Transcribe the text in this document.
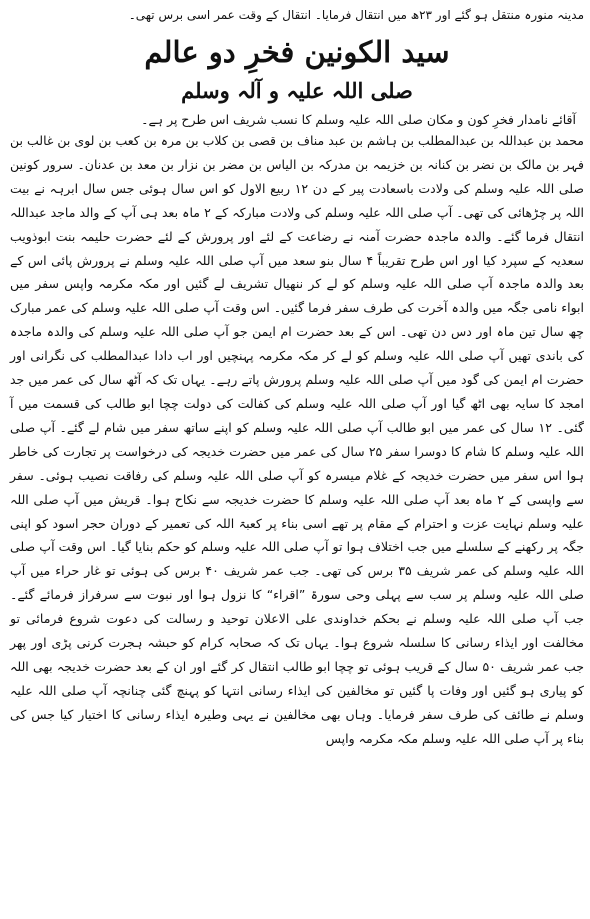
مدینہ منورہ منتقل ہو گئے اور ۲۳ھ میں انتقال فرمایا۔ انتقال کے وقت عمر اسی برس تھی۔

سید الکونین فخرِ دو عالم
صلی اللہ علیہ و آلہ وسلم

آقائے نامدار فخرِ کون و مکان صلی اللہ علیہ وسلم کا نسب شریف اس طرح پر ہے۔

محمد بن عبداللہ بن عبدالمطلب بن ہاشم بن عبد مناف بن قصی بن کلاب بن مرہ بن کعب بن لوی بن غالب بن فہر بن مالک بن نضر بن کنانہ بن خزیمہ بن مدرکہ بن الیاس بن مضر بن نزار بن معد بن عدنان۔ سرور کونین صلی اللہ علیہ وسلم کی ولادت باسعادت پیر کے دن ۱۲ ربیع الاول کو اس سال ہوئی جس سال ابرہہ نے بیت اللہ پر چڑھائی کی تھی۔ آپ صلی اللہ علیہ وسلم کی ولادت مبارکہ کے ۲ ماہ بعد ہی آپ کے والد ماجد عبداللہ انتقال فرما گئے۔ والدہ ماجدہ حضرت آمنہ نے رضاعت کے لئے اور پرورش کے لئے حضرت حلیمہ بنت ابوذویب سعدیہ کے سپرد کیا اور اس طرح تقریباً ۴ سال بنو سعد میں آپ صلی اللہ علیہ وسلم نے پرورش پائی اس کے بعد والدہ ماجدہ آپ صلی اللہ علیہ وسلم کو لے کر ننھیال تشریف لے گئیں اور مکہ مکرمہ واپس سفر میں ابواء نامی جگہ میں والدہ آخرت کی طرف سفر فرما گئیں۔ اس وقت آپ صلی اللہ علیہ وسلم کی عمر مبارک چھ سال تین ماہ اور دس دن تھی۔ اس کے بعد حضرت ام ایمن جو آپ صلی اللہ علیہ وسلم کی والدہ ماجدہ کی باندی تھیں آپ صلی اللہ علیہ وسلم کو لے کر مکہ مکرمہ پہنچیں اور اب دادا عبدالمطلب کی نگرانی اور حضرت ام ایمن کی گود میں آپ صلی اللہ علیہ وسلم پرورش پاتے رہے۔ یہاں تک کہ آٹھ سال کی عمر میں جد امجد کا سایہ بھی اٹھ گیا اور آپ صلی اللہ علیہ وسلم کی کفالت کی دولت چچا ابو طالب کی قسمت میں آ گئی۔ ۱۲ سال کی عمر میں ابو طالب آپ صلی اللہ علیہ وسلم کو اپنے ساتھ سفر میں شام لے گئے۔ آپ صلی اللہ علیہ وسلم کا شام کا دوسرا سفر ۲۵ سال کی عمر میں حضرت خدیجہ کی درخواست پر تجارت کی خاطر ہوا اس سفر میں حضرت خدیجہ کے غلام میسرہ کو آپ صلی اللہ علیہ وسلم کی رفاقت نصیب ہوئی۔ سفر سے واپسی کے ۲ ماہ بعد آپ صلی اللہ علیہ وسلم کا حضرت خدیجہ سے نکاح ہوا۔ قریش میں آپ صلی اللہ علیہ وسلم نہایت عزت و احترام کے مقام پر تھے اسی بناء پر کعبۃ اللہ کی تعمیر کے دوران حجر اسود کو اپنی جگہ پر رکھنے کے سلسلے میں جب اختلاف ہوا تو آپ صلی اللہ علیہ وسلم کو حکم بنایا گیا۔ اس وقت آپ صلی اللہ علیہ وسلم کی عمر شریف ۳۵ برس کی تھی۔ جب عمر شریف ۴۰ برس کی ہوئی تو غار حراء میں آپ صلی اللہ علیہ وسلم پر سب سے پہلی وحی سورۃ ”اقراء“ کا نزول ہوا اور نبوت سے سرفراز فرمائے گئے۔ جب آپ صلی اللہ علیہ وسلم نے بحکم خداوندی علی الاعلان توحید و رسالت کی دعوت شروع فرمائی تو مخالفت اور ایذاء رسانی کا سلسلہ شروع ہوا۔ یہاں تک کہ صحابہ کرام کو حبشہ ہجرت کرنی پڑی اور پھر جب عمر شریف ۵۰ سال کے قریب ہوئی تو چچا ابو طالب انتقال کر گئے اور ان کے بعد حضرت خدیجہ بھی اللہ کو پیاری ہو گئیں اور وفات پا گئیں تو مخالفین کی ایذاء رسانی انتہا کو پہنچ گئی چنانچہ آپ صلی اللہ علیہ وسلم نے طائف کی طرف سفر فرمایا۔ وہاں بھی مخالفین نے یہی وطیرہ ایذاء رسانی کا اختیار کیا جس کی بناء پر آپ صلی اللہ علیہ وسلم مکہ مکرمہ واپس
